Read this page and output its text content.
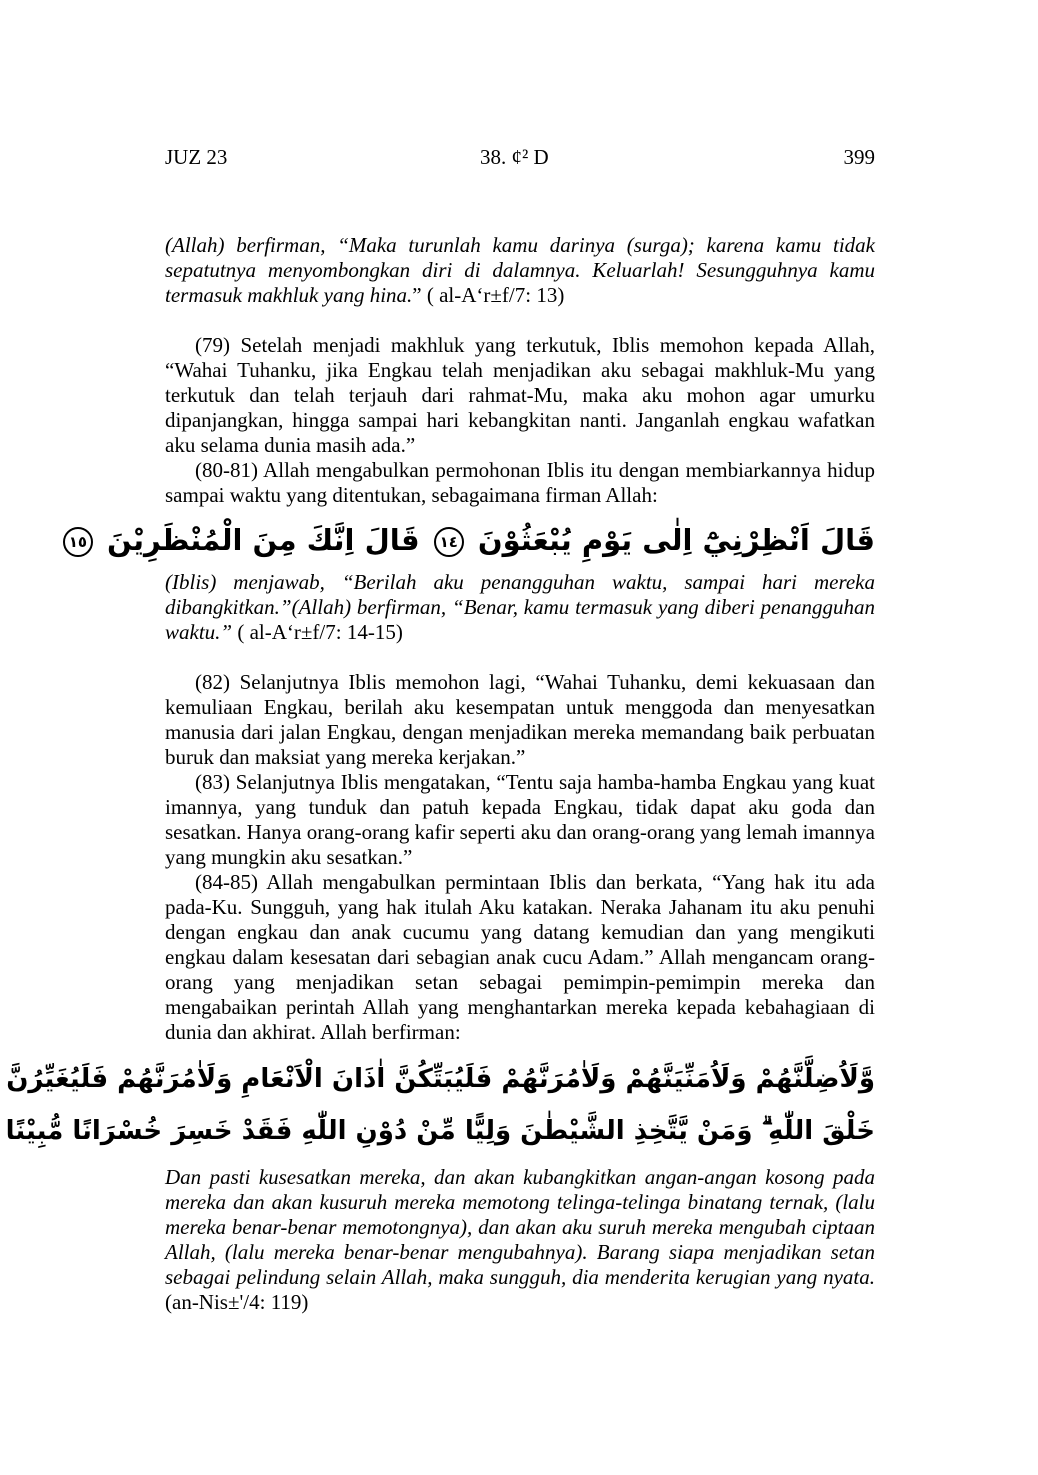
JUZ 23	38. ¢² D	399

(Allah) berfirman, “Maka turunlah kamu darinya (surga); karena kamu tidak sepatutnya menyombongkan diri di dalamnya. Keluarlah! Sesungguhnya kamu termasuk makhluk yang hina.” ( al-A‘r±f/7: 13)

(79) Setelah menjadi makhluk yang terkutuk, Iblis memohon kepada Allah, “Wahai Tuhanku, jika Engkau telah menjadikan aku sebagai makhluk-Mu yang terkutuk dan telah terjauh dari rahmat-Mu, maka aku mohon agar umurku dipanjangkan, hingga sampai hari kebangkitan nanti. Janganlah engkau wafatkan aku selama dunia masih ada.”

(80-81) Allah mengabulkan permohonan Iblis itu dengan membiarkannya hidup sampai waktu yang ditentukan, sebagaimana firman Allah:

قَالَ اَنْظِرْنِيْٓ اِلٰى يَوْمِ يُبْعَثُوْنَ ١٤ قَالَ اِنَّكَ مِنَ الْمُنْظَرِيْنَ ١٥

(Iblis) menjawab, “Berilah aku penangguhan waktu, sampai hari mereka dibangkitkan.”(Allah) berfirman, “Benar, kamu termasuk yang diberi penangguhan waktu.” ( al-A‘r±f/7: 14-15)

(82) Selanjutnya Iblis memohon lagi, “Wahai Tuhanku, demi kekuasaan dan kemuliaan Engkau, berilah aku kesempatan untuk menggoda dan menyesatkan manusia dari jalan Engkau, dengan menjadikan mereka memandang baik perbuatan buruk dan maksiat yang mereka kerjakan.”

(83) Selanjutnya Iblis mengatakan, “Tentu saja hamba-hamba Engkau yang kuat imannya, yang tunduk dan patuh kepada Engkau, tidak dapat aku goda dan sesatkan. Hanya orang-orang kafir seperti aku dan orang-orang yang lemah imannya yang mungkin aku sesatkan.”

(84-85) Allah mengabulkan permintaan Iblis dan berkata, “Yang hak itu ada pada-Ku. Sungguh, yang hak itulah Aku katakan. Neraka Jahanam itu aku penuhi dengan engkau dan anak cucumu yang datang kemudian dan yang mengikuti engkau dalam kesesatan dari sebagian anak cucu Adam.” Allah mengancam orang-orang yang menjadikan setan sebagai pemimpin-pemimpin mereka dan mengabaikan perintah Allah yang menghantarkan mereka kepada kebahagiaan di dunia dan akhirat. Allah berfirman:

وَّلَاُضِلَّنَّهُمْ وَلَاُمَنِّيَنَّهُمْ وَلَاٰمُرَنَّهُمْ فَلَيُبَتِّكُنَّ اٰذَانَ الْاَنْعَامِ وَلَاٰمُرَنَّهُمْ فَلَيُغَيِّرُنَّ
خَلْقَ اللّٰهِ ۗ وَمَنْ يَّتَّخِذِ الشَّيْطٰنَ وَلِيًّا مِّنْ دُوْنِ اللّٰهِ فَقَدْ خَسِرَ خُسْرَانًا مُّبِيْنًا

Dan pasti kusesatkan mereka, dan akan kubangkitkan angan-angan kosong pada mereka dan akan kusuruh mereka memotong telinga-telinga binatang ternak, (lalu mereka benar-benar memotongnya), dan akan aku suruh mereka mengubah ciptaan Allah, (lalu mereka benar-benar mengubahnya). Barang siapa menjadikan setan sebagai pelindung selain Allah, maka sungguh, dia menderita kerugian yang nyata. (an-Nis±'/4: 119)
